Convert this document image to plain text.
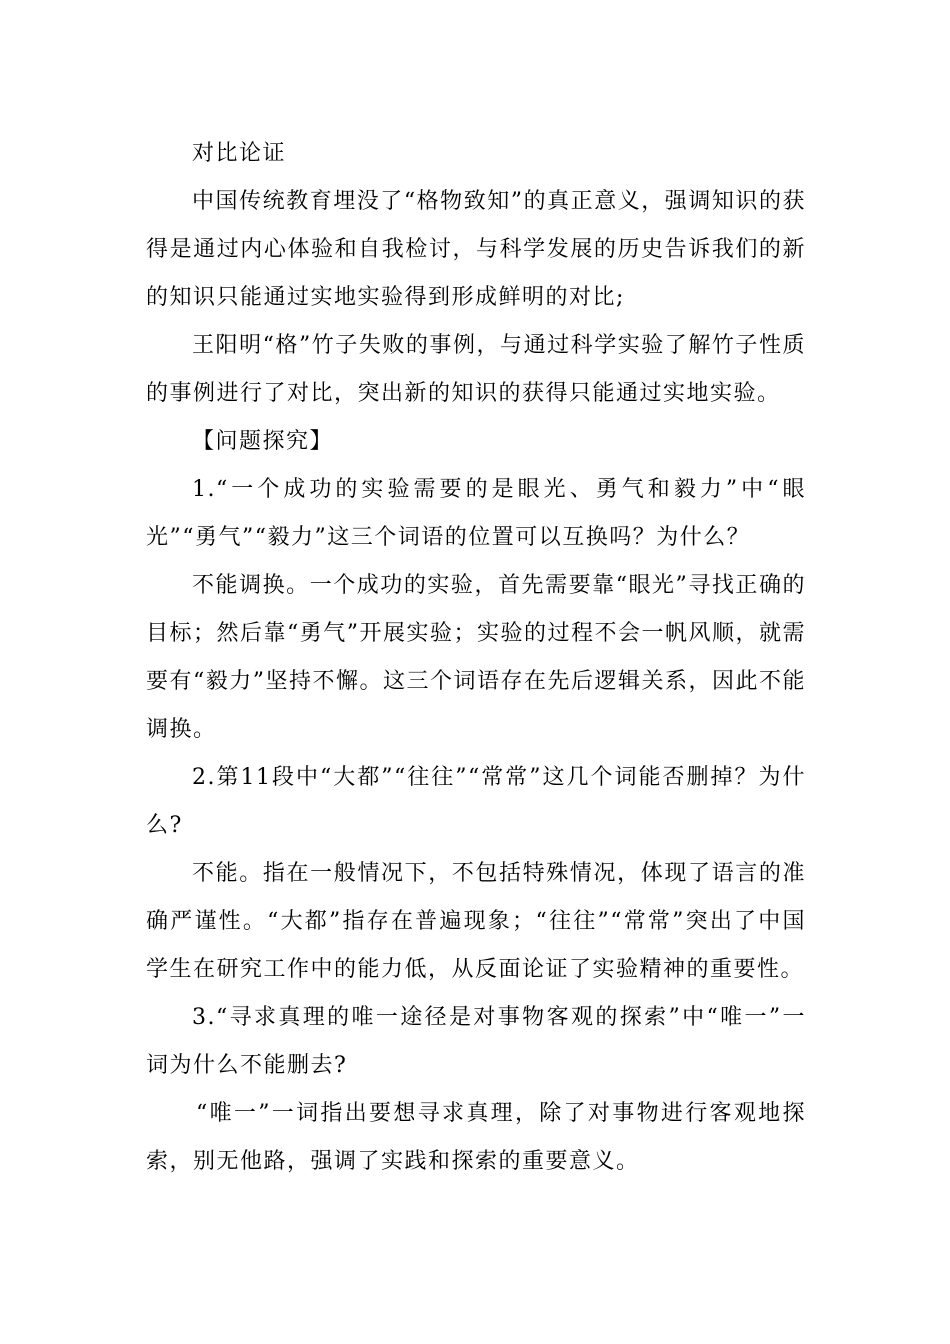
对比论证

中国传统教育埋没了“格物致知”的真正意义，强调知识的获得是通过内心体验和自我检讨，与科学发展的历史告诉我们的新的知识只能通过实地实验得到形成鲜明的对比;

王阳明“格”竹子失败的事例，与通过科学实验了解竹子性质的事例进行了对比，突出新的知识的获得只能通过实地实验。

【问题探究】

1.“一个成功的实验需要的是眼光、勇气和毅力”中“眼光”“勇气”“毅力”这三个词语的位置可以互换吗？为什么？

不能调换。一个成功的实验，首先需要靠“眼光”寻找正确的目标；然后靠“勇气”开展实验；实验的过程不会一帆风顺，就需要有“毅力”坚持不懈。这三个词语存在先后逻辑关系，因此不能调换。

2.第11段中“大都”“往往”“常常”这几个词能否删掉？为什么?

不能。指在一般情况下，不包括特殊情况，体现了语言的准确严谨性。“大都”指存在普遍现象；“往往”“常常”突出了中国学生在研究工作中的能力低，从反面论证了实验精神的重要性。

3.“寻求真理的唯一途径是对事物客观的探索”中“唯一”一词为什么不能删去?

“唯一”一词指出要想寻求真理，除了对事物进行客观地探索，别无他路，强调了实践和探索的重要意义。
